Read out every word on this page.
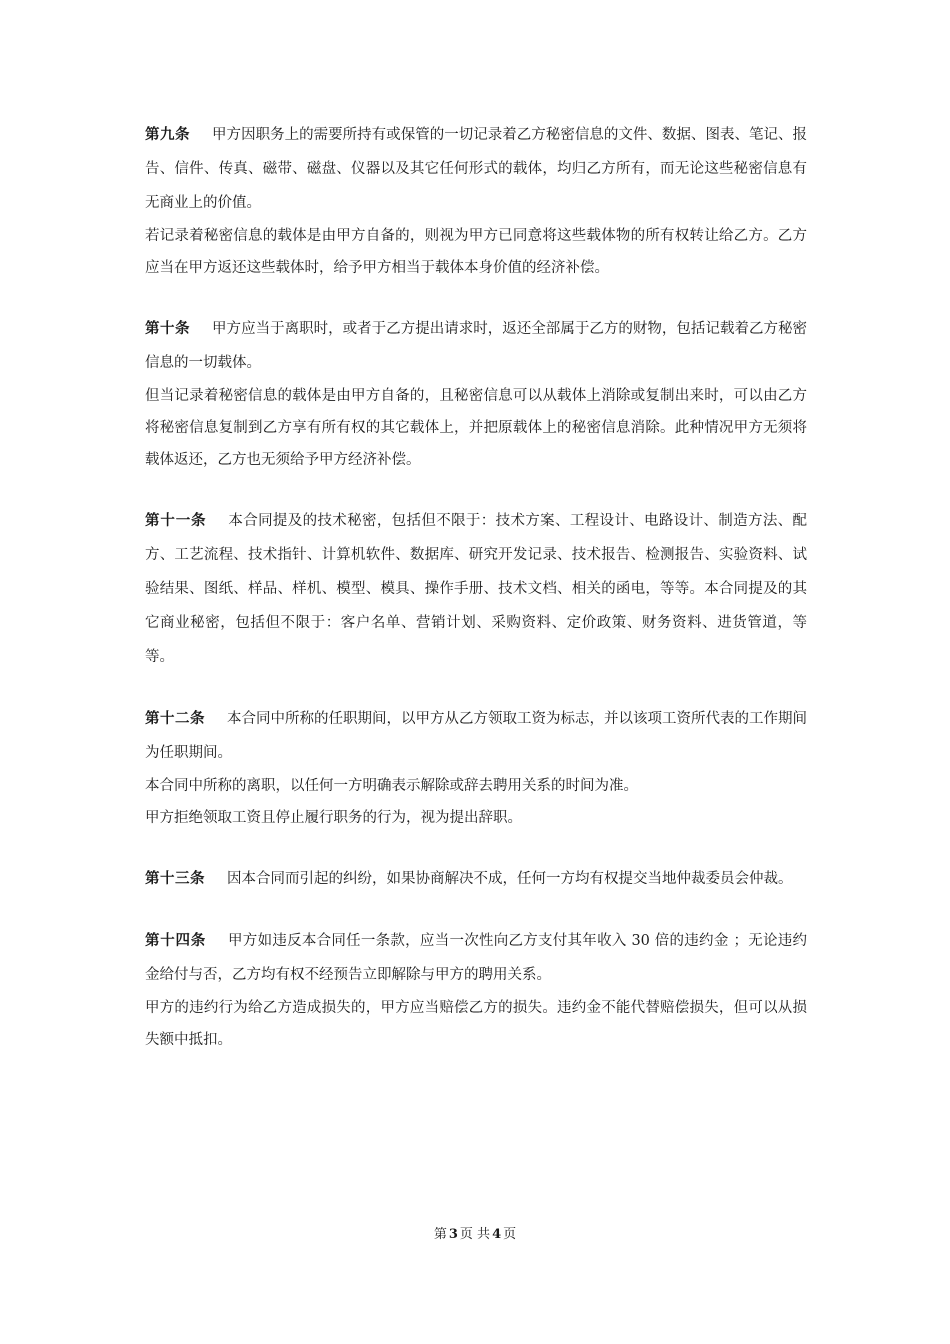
第九条 甲方因职务上的需要所持有或保管的一切记录着乙方秘密信息的文件、数据、图表、笔记、报告、信件、传真、磁带、磁盘、仪器以及其它任何形式的载体，均归乙方所有，而无论这些秘密信息有无商业上的价值。

若记录着秘密信息的载体是由甲方自备的，则视为甲方已同意将这些载体物的所有权转让给乙方。乙方应当在甲方返还这些载体时，给予甲方相当于载体本身价值的经济补偿。

第十条 甲方应当于离职时，或者于乙方提出请求时，返还全部属于乙方的财物，包括记载着乙方秘密信息的一切载体。

但当记录着秘密信息的载体是由甲方自备的，且秘密信息可以从载体上消除或复制出来时，可以由乙方将秘密信息复制到乙方享有所有权的其它载体上，并把原载体上的秘密信息消除。此种情况甲方无须将载体返还，乙方也无须给予甲方经济补偿。

第十一条 本合同提及的技术秘密，包括但不限于：技术方案、工程设计、电路设计、制造方法、配方、工艺流程、技术指针、计算机软件、数据库、研究开发记录、技术报告、检测报告、实验资料、试验结果、图纸、样品、样机、模型、模具、操作手册、技术文档、相关的函电，等等。本合同提及的其它商业秘密，包括但不限于：客户名单、营销计划、采购资料、定价政策、财务资料、进货管道，等等。

第十二条 本合同中所称的任职期间，以甲方从乙方领取工资为标志，并以该项工资所代表的工作期间为任职期间。

本合同中所称的离职，以任何一方明确表示解除或辞去聘用关系的时间为准。

甲方拒绝领取工资且停止履行职务的行为，视为提出辞职。

第十三条 因本合同而引起的纠纷，如果协商解决不成，任何一方均有权提交当地仲裁委员会仲裁。

第十四条 甲方如违反本合同任一条款，应当一次性向乙方支付其年收入 30 倍的违约金 ；无论违约金给付与否，乙方均有权不经预告立即解除与甲方的聘用关系。

甲方的违约行为给乙方造成损失的，甲方应当赔偿乙方的损失。违约金不能代替赔偿损失，但可以从损失额中抵扣。

第 3 页 共 4 页
